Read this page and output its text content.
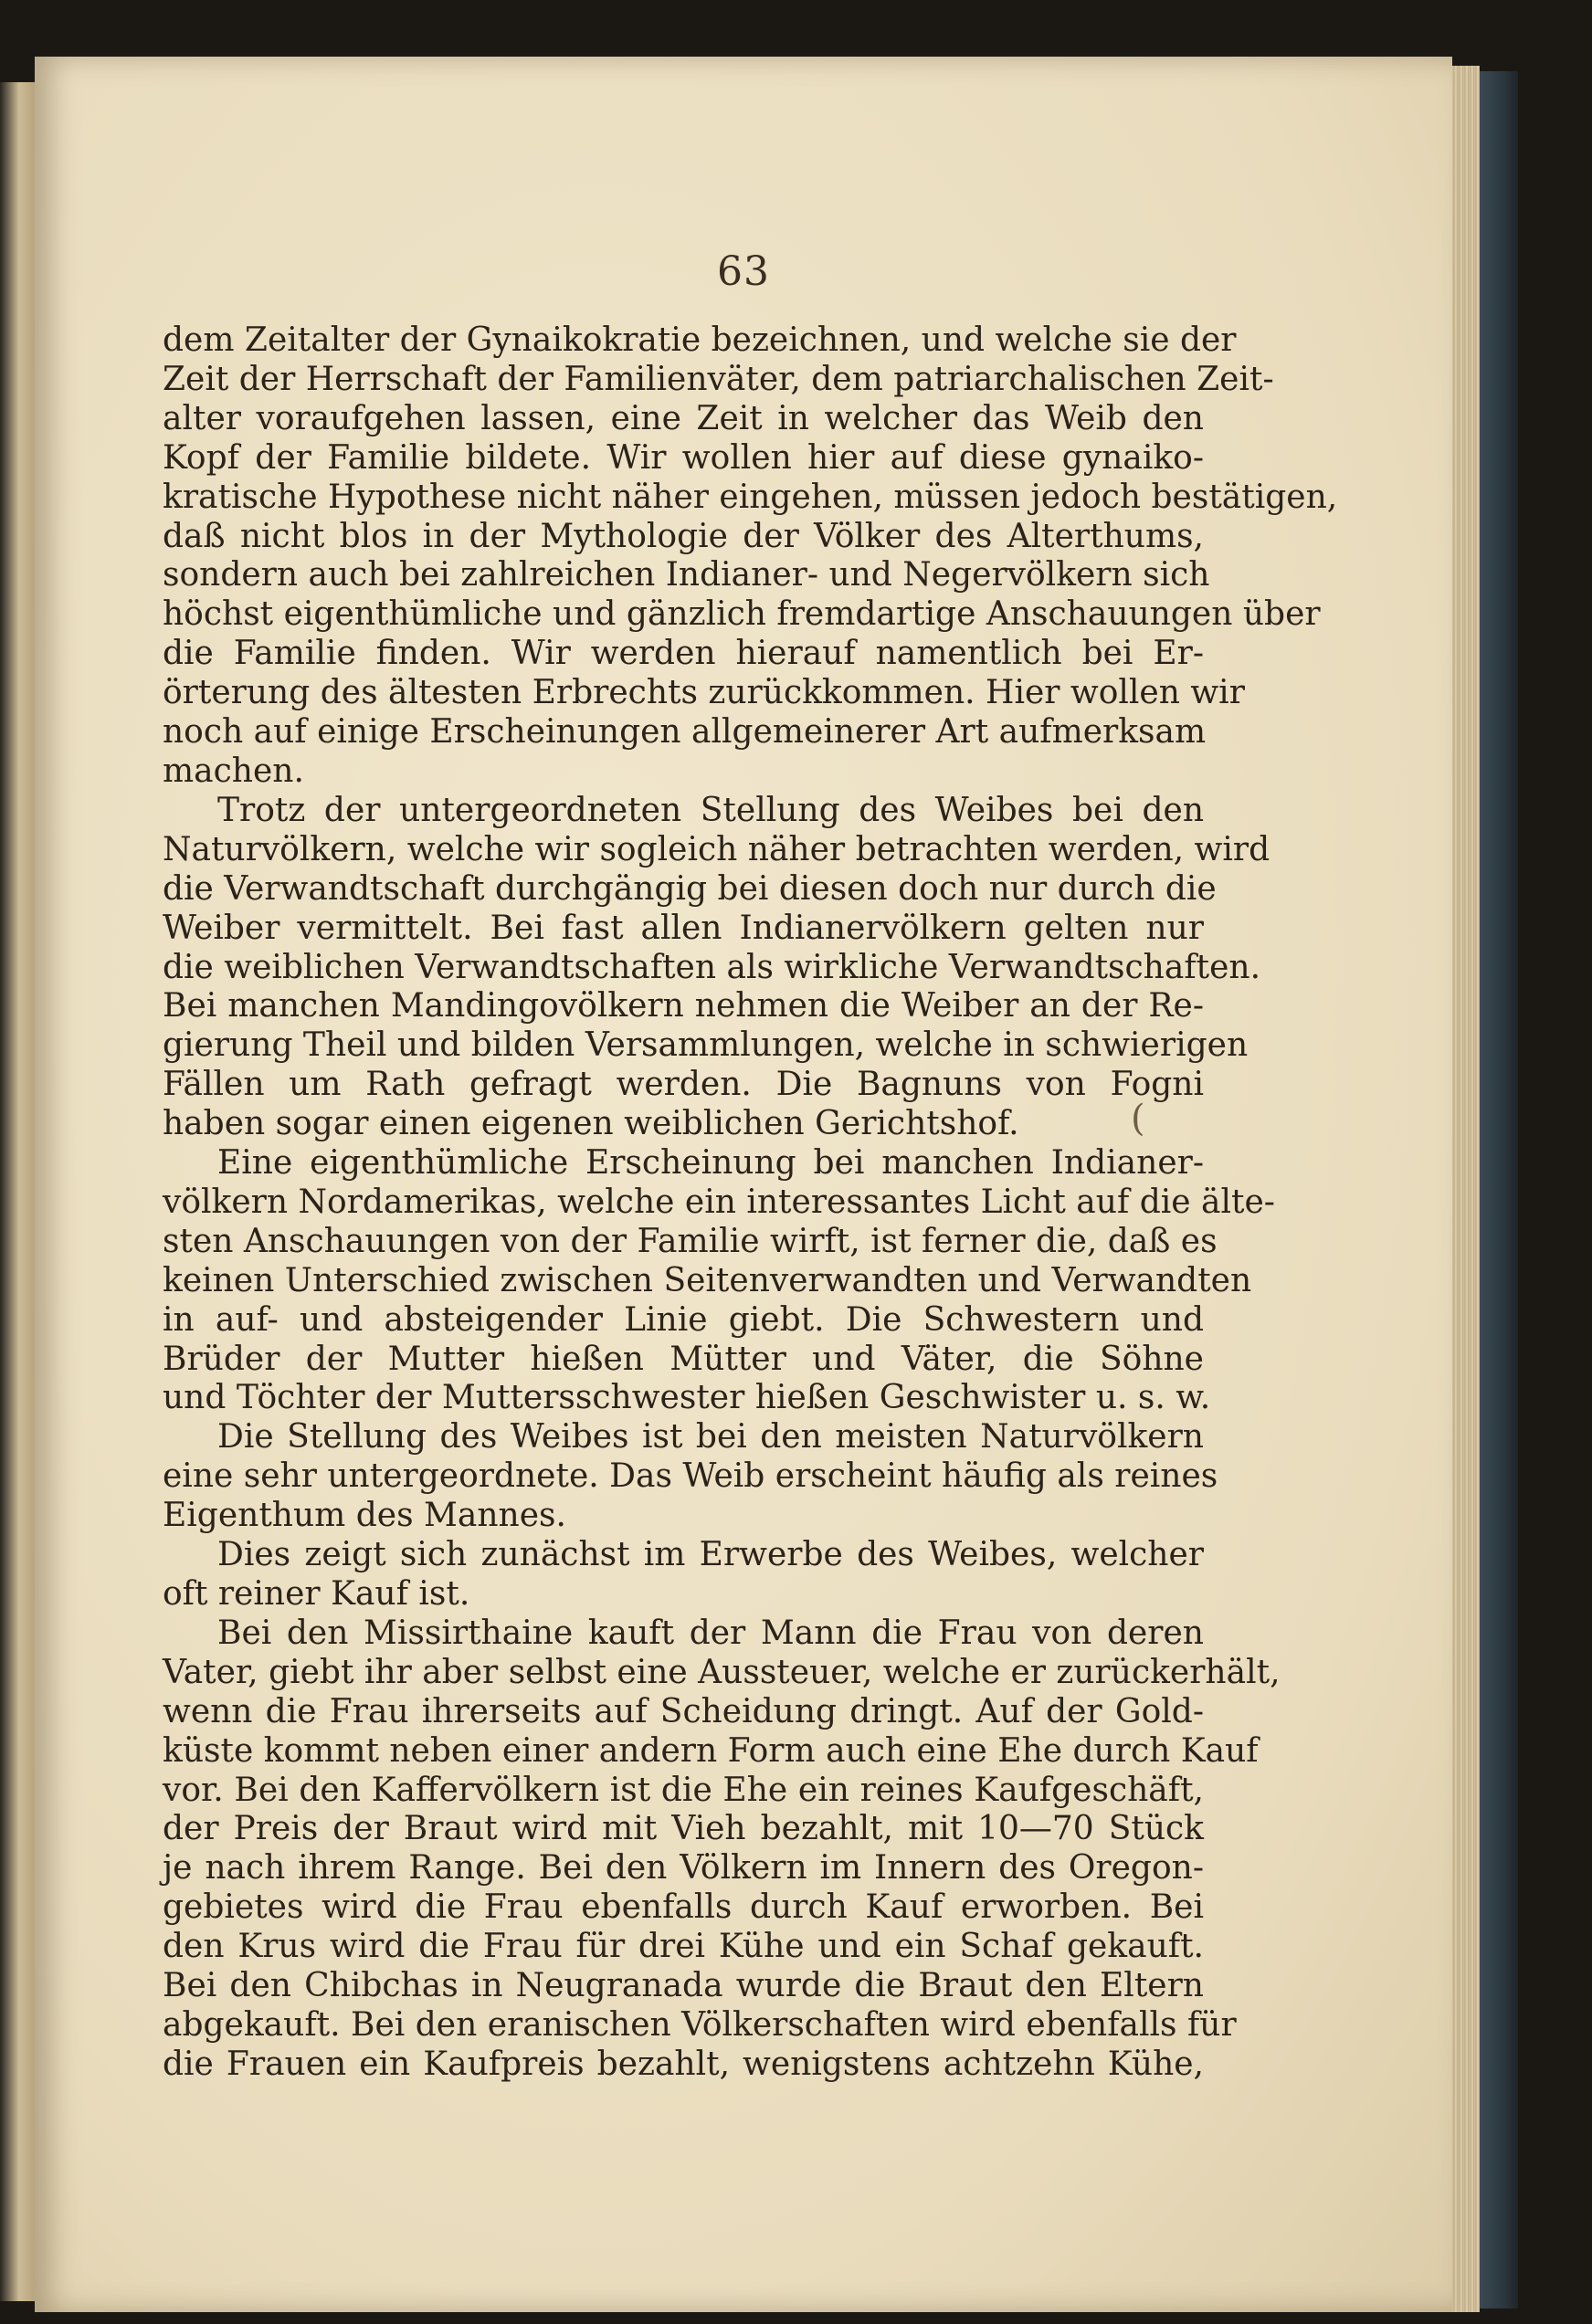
63
dem Zeitalter der Gynaikokratie bezeichnen, und welche sie der
Zeit der Herrschaft der Familienväter, dem patriarchalischen Zeit-
alter voraufgehen lassen, eine Zeit in welcher das Weib den
Kopf der Familie bildete. Wir wollen hier auf diese gynaiko-
kratische Hypothese nicht näher eingehen, müssen jedoch bestätigen,
daß nicht blos in der Mythologie der Völker des Alterthums,
sondern auch bei zahlreichen Indianer- und Negervölkern sich
höchst eigenthümliche und gänzlich fremdartige Anschauungen über
die Familie finden. Wir werden hierauf namentlich bei Er-
örterung des ältesten Erbrechts zurückkommen. Hier wollen wir
noch auf einige Erscheinungen allgemeinerer Art aufmerksam
machen.
Trotz der untergeordneten Stellung des Weibes bei den
Naturvölkern, welche wir sogleich näher betrachten werden, wird
die Verwandtschaft durchgängig bei diesen doch nur durch die
Weiber vermittelt. Bei fast allen Indianervölkern gelten nur
die weiblichen Verwandtschaften als wirkliche Verwandtschaften.
Bei manchen Mandingovölkern nehmen die Weiber an der Re-
gierung Theil und bilden Versammlungen, welche in schwierigen
Fällen um Rath gefragt werden. Die Bagnuns von Fogni
haben sogar einen eigenen weiblichen Gerichtshof.
Eine eigenthümliche Erscheinung bei manchen Indianer-
völkern Nordamerikas, welche ein interessantes Licht auf die älte-
sten Anschauungen von der Familie wirft, ist ferner die, daß es
keinen Unterschied zwischen Seitenverwandten und Verwandten
in auf- und absteigender Linie giebt. Die Schwestern und
Brüder der Mutter hießen Mütter und Väter, die Söhne
und Töchter der Muttersschwester hießen Geschwister u. s. w.
Die Stellung des Weibes ist bei den meisten Naturvölkern
eine sehr untergeordnete. Das Weib erscheint häufig als reines
Eigenthum des Mannes.
Dies zeigt sich zunächst im Erwerbe des Weibes, welcher
oft reiner Kauf ist.
Bei den Missirthaine kauft der Mann die Frau von deren
Vater, giebt ihr aber selbst eine Aussteuer, welche er zurückerhält,
wenn die Frau ihrerseits auf Scheidung dringt. Auf der Gold-
küste kommt neben einer andern Form auch eine Ehe durch Kauf
vor. Bei den Kaffervölkern ist die Ehe ein reines Kaufgeschäft,
der Preis der Braut wird mit Vieh bezahlt, mit 10—70 Stück
je nach ihrem Range. Bei den Völkern im Innern des Oregon-
gebietes wird die Frau ebenfalls durch Kauf erworben. Bei
den Krus wird die Frau für drei Kühe und ein Schaf gekauft.
Bei den Chibchas in Neugranada wurde die Braut den Eltern
abgekauft. Bei den eranischen Völkerschaften wird ebenfalls für
die Frauen ein Kaufpreis bezahlt, wenigstens achtzehn Kühe,
(
